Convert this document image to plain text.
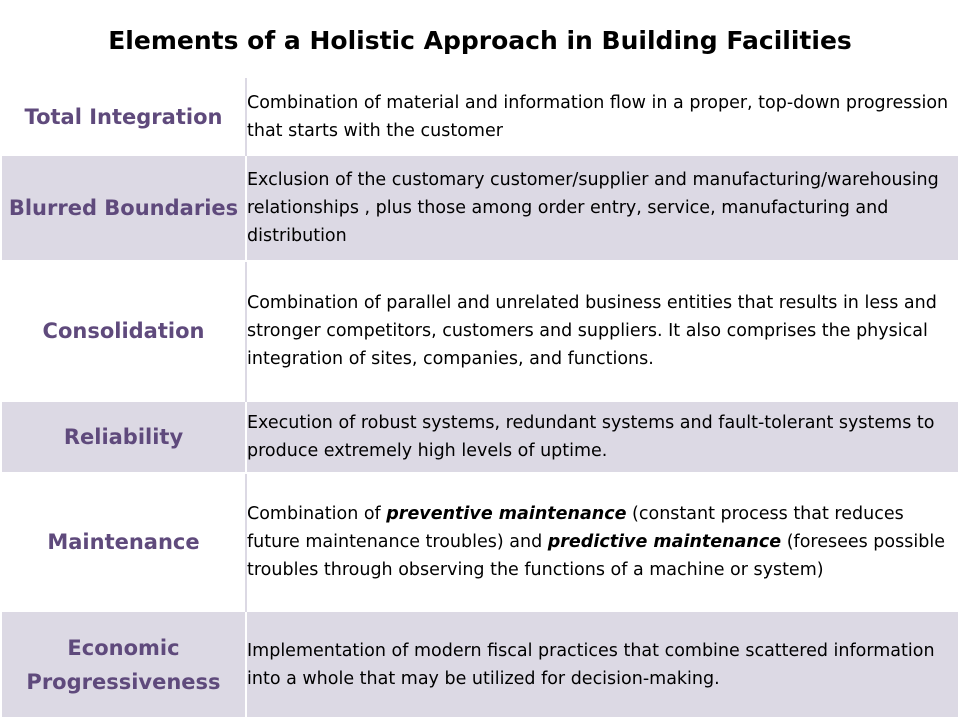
Elements of a Holistic Approach in Building Facilities
Total Integration	Combination of material and information flow in a proper, top-down progression that starts with the customer
Blurred Boundaries	Exclusion of the customary customer/supplier and manufacturing/warehousing relationships , plus those among order entry, service, manufacturing and distribution
Consolidation	Combination of parallel and unrelated business entities that results in less and stronger competitors, customers and suppliers. It also comprises the physical integration of sites, companies, and functions.
Reliability	Execution of robust systems, redundant systems and fault-tolerant systems to produce extremely high levels of uptime.
Maintenance	Combination of preventive maintenance (constant process that reduces future maintenance troubles) and predictive maintenance (foresees possible troubles through observing the functions of a machine or system)
Economic Progressiveness	Implementation of modern fiscal practices that combine scattered information into a whole that may be utilized for decision-making.
